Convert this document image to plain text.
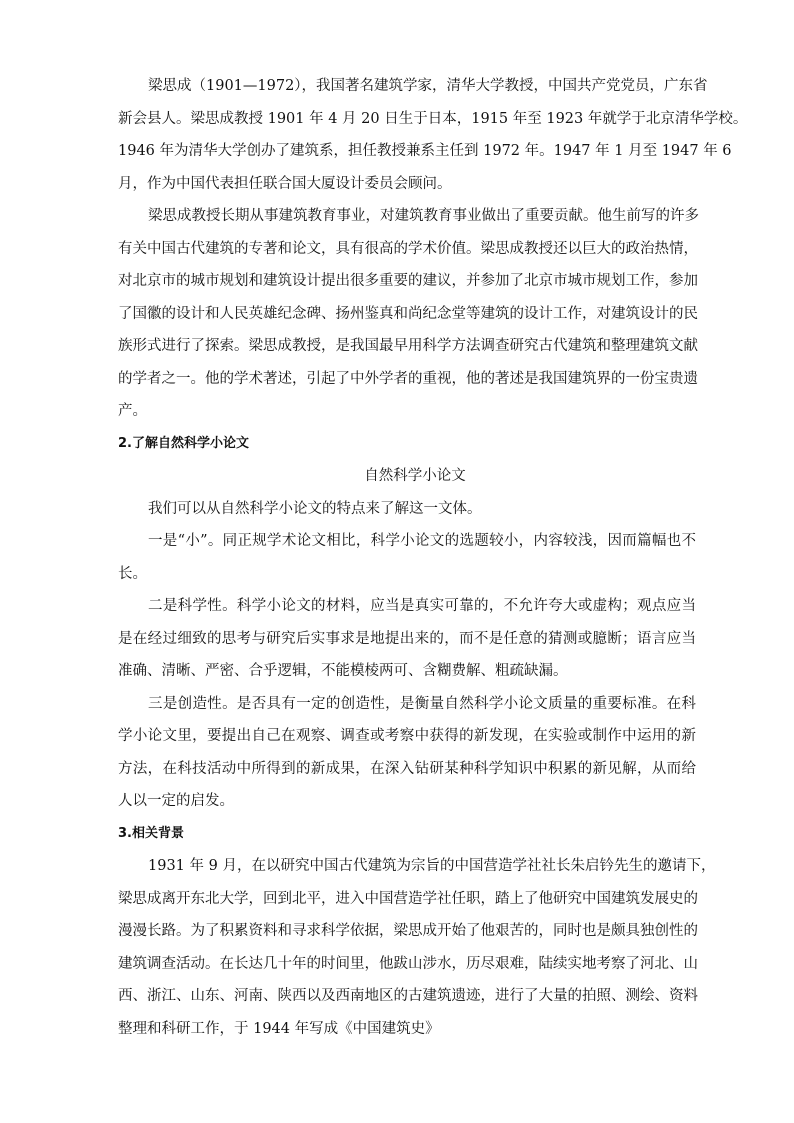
梁思成（1901—1972），我国著名建筑学家，清华大学教授，中国共产党党员，广东省
新会县人。梁思成教授 1901 年 4 月 20 日生于日本，1915 年至 1923 年就学于北京清华学校。
1946 年为清华大学创办了建筑系，担任教授兼系主任到 1972 年。1947 年 1 月至 1947 年 6
月，作为中国代表担任联合国大厦设计委员会顾问。
梁思成教授长期从事建筑教育事业，对建筑教育事业做出了重要贡献。他生前写的许多
有关中国古代建筑的专著和论文，具有很高的学术价值。梁思成教授还以巨大的政治热情，
对北京市的城市规划和建筑设计提出很多重要的建议，并参加了北京市城市规划工作，参加
了国徽的设计和人民英雄纪念碑、扬州鉴真和尚纪念堂等建筑的设计工作，对建筑设计的民
族形式进行了探索。梁思成教授，是我国最早用科学方法调查研究古代建筑和整理建筑文献
的学者之一。他的学术著述，引起了中外学者的重视，他的著述是我国建筑界的一份宝贵遗
产。
2.了解自然科学小论文
自然科学小论文
我们可以从自然科学小论文的特点来了解这一文体。
一是“小”。同正规学术论文相比，科学小论文的选题较小，内容较浅，因而篇幅也不
长。
二是科学性。科学小论文的材料，应当是真实可靠的，不允许夸大或虚构；观点应当
是在经过细致的思考与研究后实事求是地提出来的，而不是任意的猜测或臆断；语言应当
准确、清晰、严密、合乎逻辑，不能模棱两可、含糊费解、粗疏缺漏。
三是创造性。是否具有一定的创造性，是衡量自然科学小论文质量的重要标准。在科
学小论文里，要提出自己在观察、调查或考察中获得的新发现，在实验或制作中运用的新
方法，在科技活动中所得到的新成果，在深入钻研某种科学知识中积累的新见解，从而给
人以一定的启发。
3.相关背景
1931 年 9 月，在以研究中国古代建筑为宗旨的中国营造学社社长朱启钤先生的邀请下，
梁思成离开东北大学，回到北平，进入中国营造学社任职，踏上了他研究中国建筑发展史的
漫漫长路。为了积累资料和寻求科学依据，梁思成开始了他艰苦的，同时也是颇具独创性的
建筑调查活动。在长达几十年的时间里，他跋山涉水，历尽艰难，陆续实地考察了河北、山
西、浙江、山东、河南、陕西以及西南地区的古建筑遗迹，进行了大量的拍照、测绘、资料
整理和科研工作，于 1944 年写成《中国建筑史》
